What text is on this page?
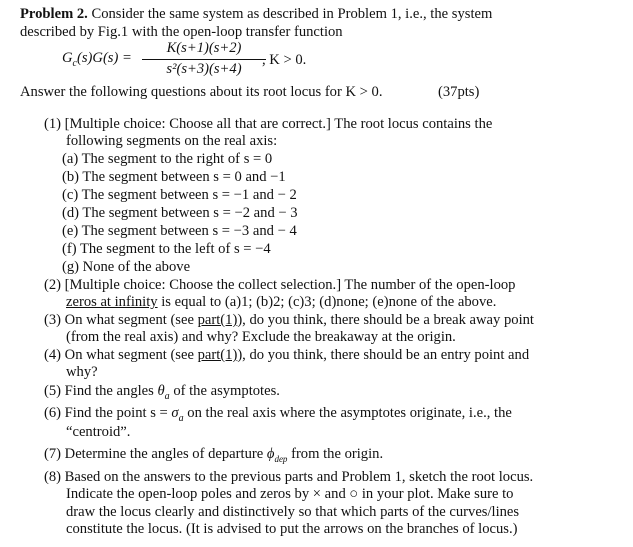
Problem 2. Consider the same system as described in Problem 1, i.e., the system
described by Fig.1 with the open-loop transfer function
$G_c(s)G(s)$ =
K(s+1)(s+2)
s²(s+3)(s+4)
, K > 0.
Answer the following questions about its root locus for K > 0.	(37pts)
(1) [Multiple choice: Choose all that are correct.] The root locus contains the
following segments on the real axis:
(a) The segment to the right of s = 0
(b) The segment between s = 0 and −1
(c) The segment between s = −1 and − 2
(d) The segment between s = −2 and − 3
(e) The segment between s = −3 and − 4
(f) The segment to the left of s = −4
(g) None of the above
(2) [Multiple choice: Choose the collect selection.] The number of the open-loop
zeros at infinity is equal to (a)1; (b)2; (c)3; (d)none; (e)none of the above.
(3) On what segment (see part(1)), do you think, there should be a break away point
(from the real axis) and why? Exclude the breakaway at the origin.
(4) On what segment (see part(1)), do you think, there should be an entry point and
why?
(5) Find the angles $\theta_a$ of the asymptotes.
(6) Find the point $s = \sigma_a$ on the real axis where the asymptotes originate, i.e., the
“centroid”.
(7) Determine the angles of departure $\phi_{dep}$ from the origin.
(8) Based on the answers to the previous parts and Problem 1, sketch the root locus.
Indicate the open-loop poles and zeros by × and ○ in your plot. Make sure to
draw the locus clearly and distinctively so that which parts of the curves/lines
constitute the locus. (It is advised to put the arrows on the branches of locus.)
